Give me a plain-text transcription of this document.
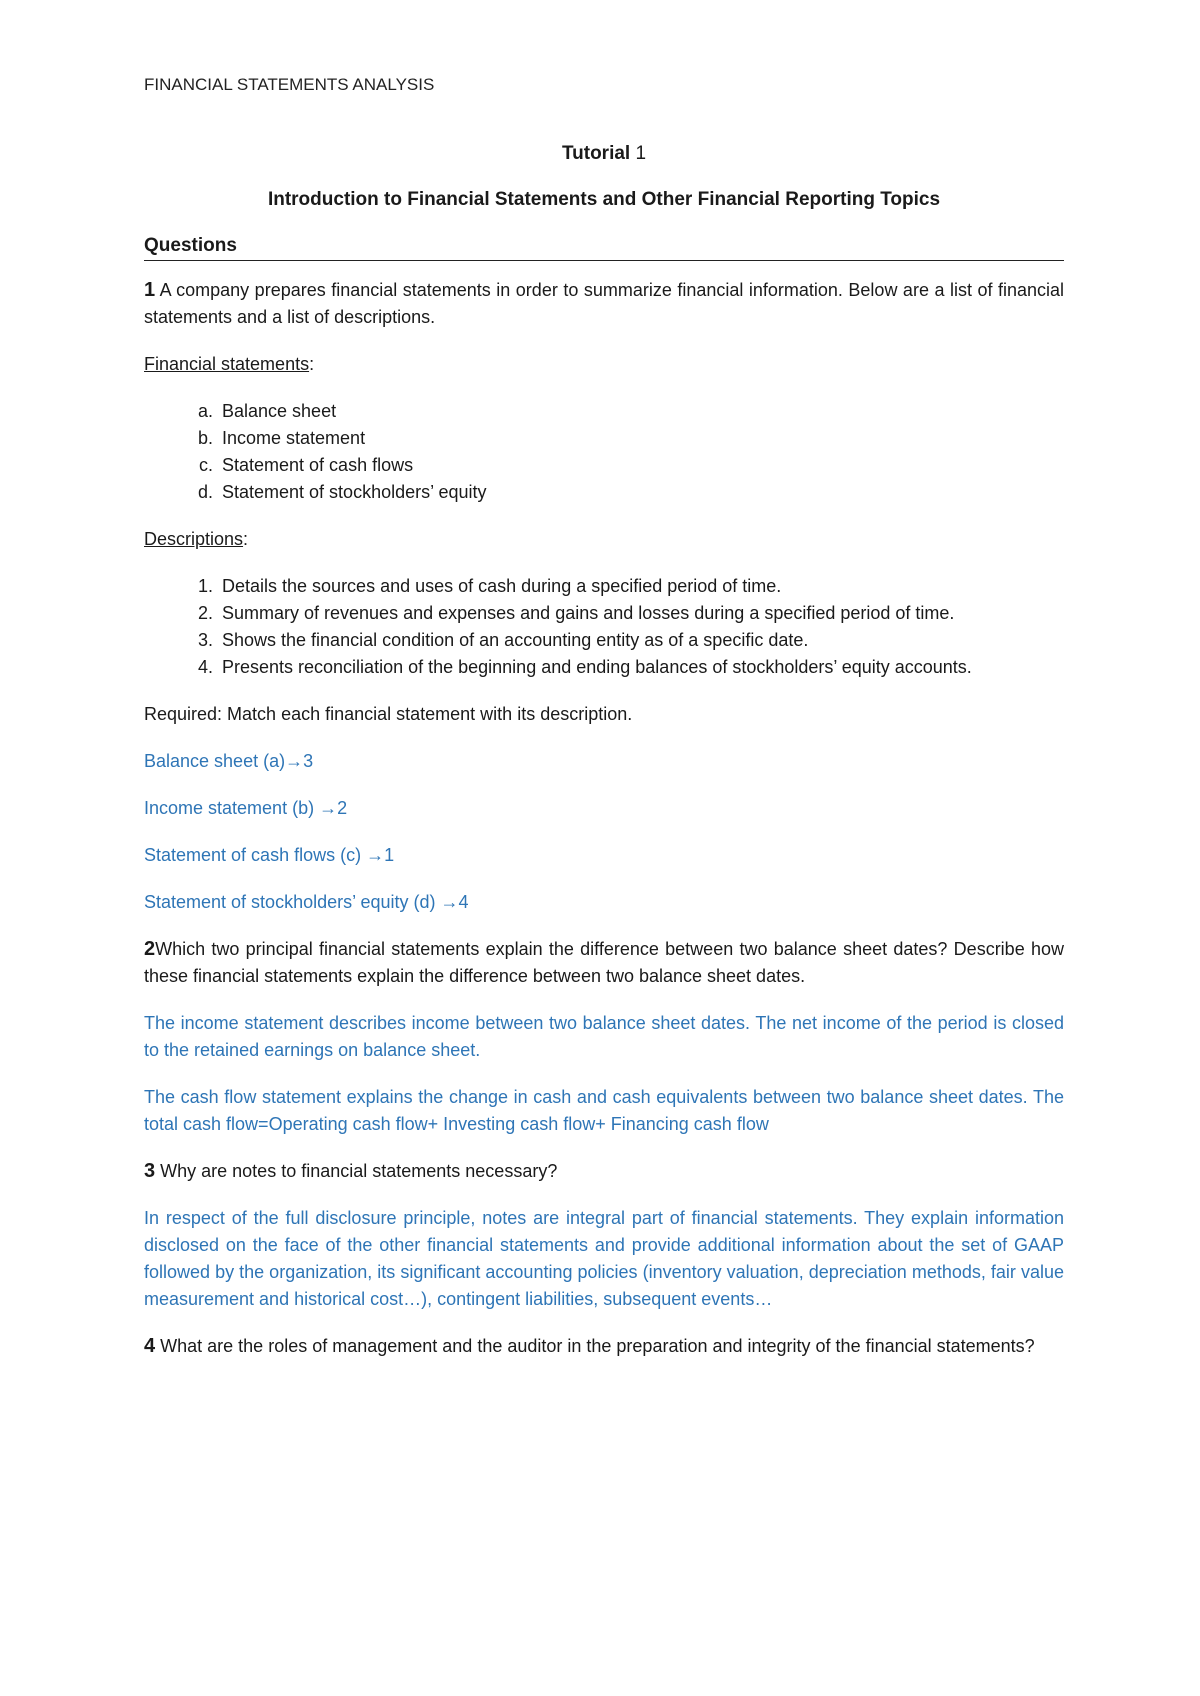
FINANCIAL STATEMENTS ANALYSIS
Tutorial 1
Introduction to Financial Statements and Other Financial Reporting Topics
Questions

1 A company prepares financial statements in order to summarize financial information. Below are a list of financial statements and a list of descriptions.

Financial statements:

a. Balance sheet
b. Income statement
c. Statement of cash flows
d. Statement of stockholders’ equity

Descriptions:

1. Details the sources and uses of cash during a specified period of time.
2. Summary of revenues and expenses and gains and losses during a specified period of time.
3. Shows the financial condition of an accounting entity as of a specific date.
4. Presents reconciliation of the beginning and ending balances of stockholders’ equity accounts.

Required: Match each financial statement with its description.

Balance sheet (a)→3

Income statement (b) →2

Statement of cash flows (c) →1

Statement of stockholders’ equity (d) →4

2Which two principal financial statements explain the difference between two balance sheet dates? Describe how these financial statements explain the difference between two balance sheet dates.

The income statement describes income between two balance sheet dates. The net income of the period is closed to the retained earnings on balance sheet.

The cash flow statement explains the change in cash and cash equivalents between two balance sheet dates. The total cash flow=Operating cash flow+ Investing cash flow+ Financing cash flow

3 Why are notes to financial statements necessary?

In respect of the full disclosure principle, notes are integral part of financial statements. They explain information disclosed on the face of the other financial statements and provide additional information about the set of GAAP followed by the organization, its significant accounting policies (inventory valuation, depreciation methods, fair value measurement and historical cost…), contingent liabilities, subsequent events…

4 What are the roles of management and the auditor in the preparation and integrity of the financial statements?
